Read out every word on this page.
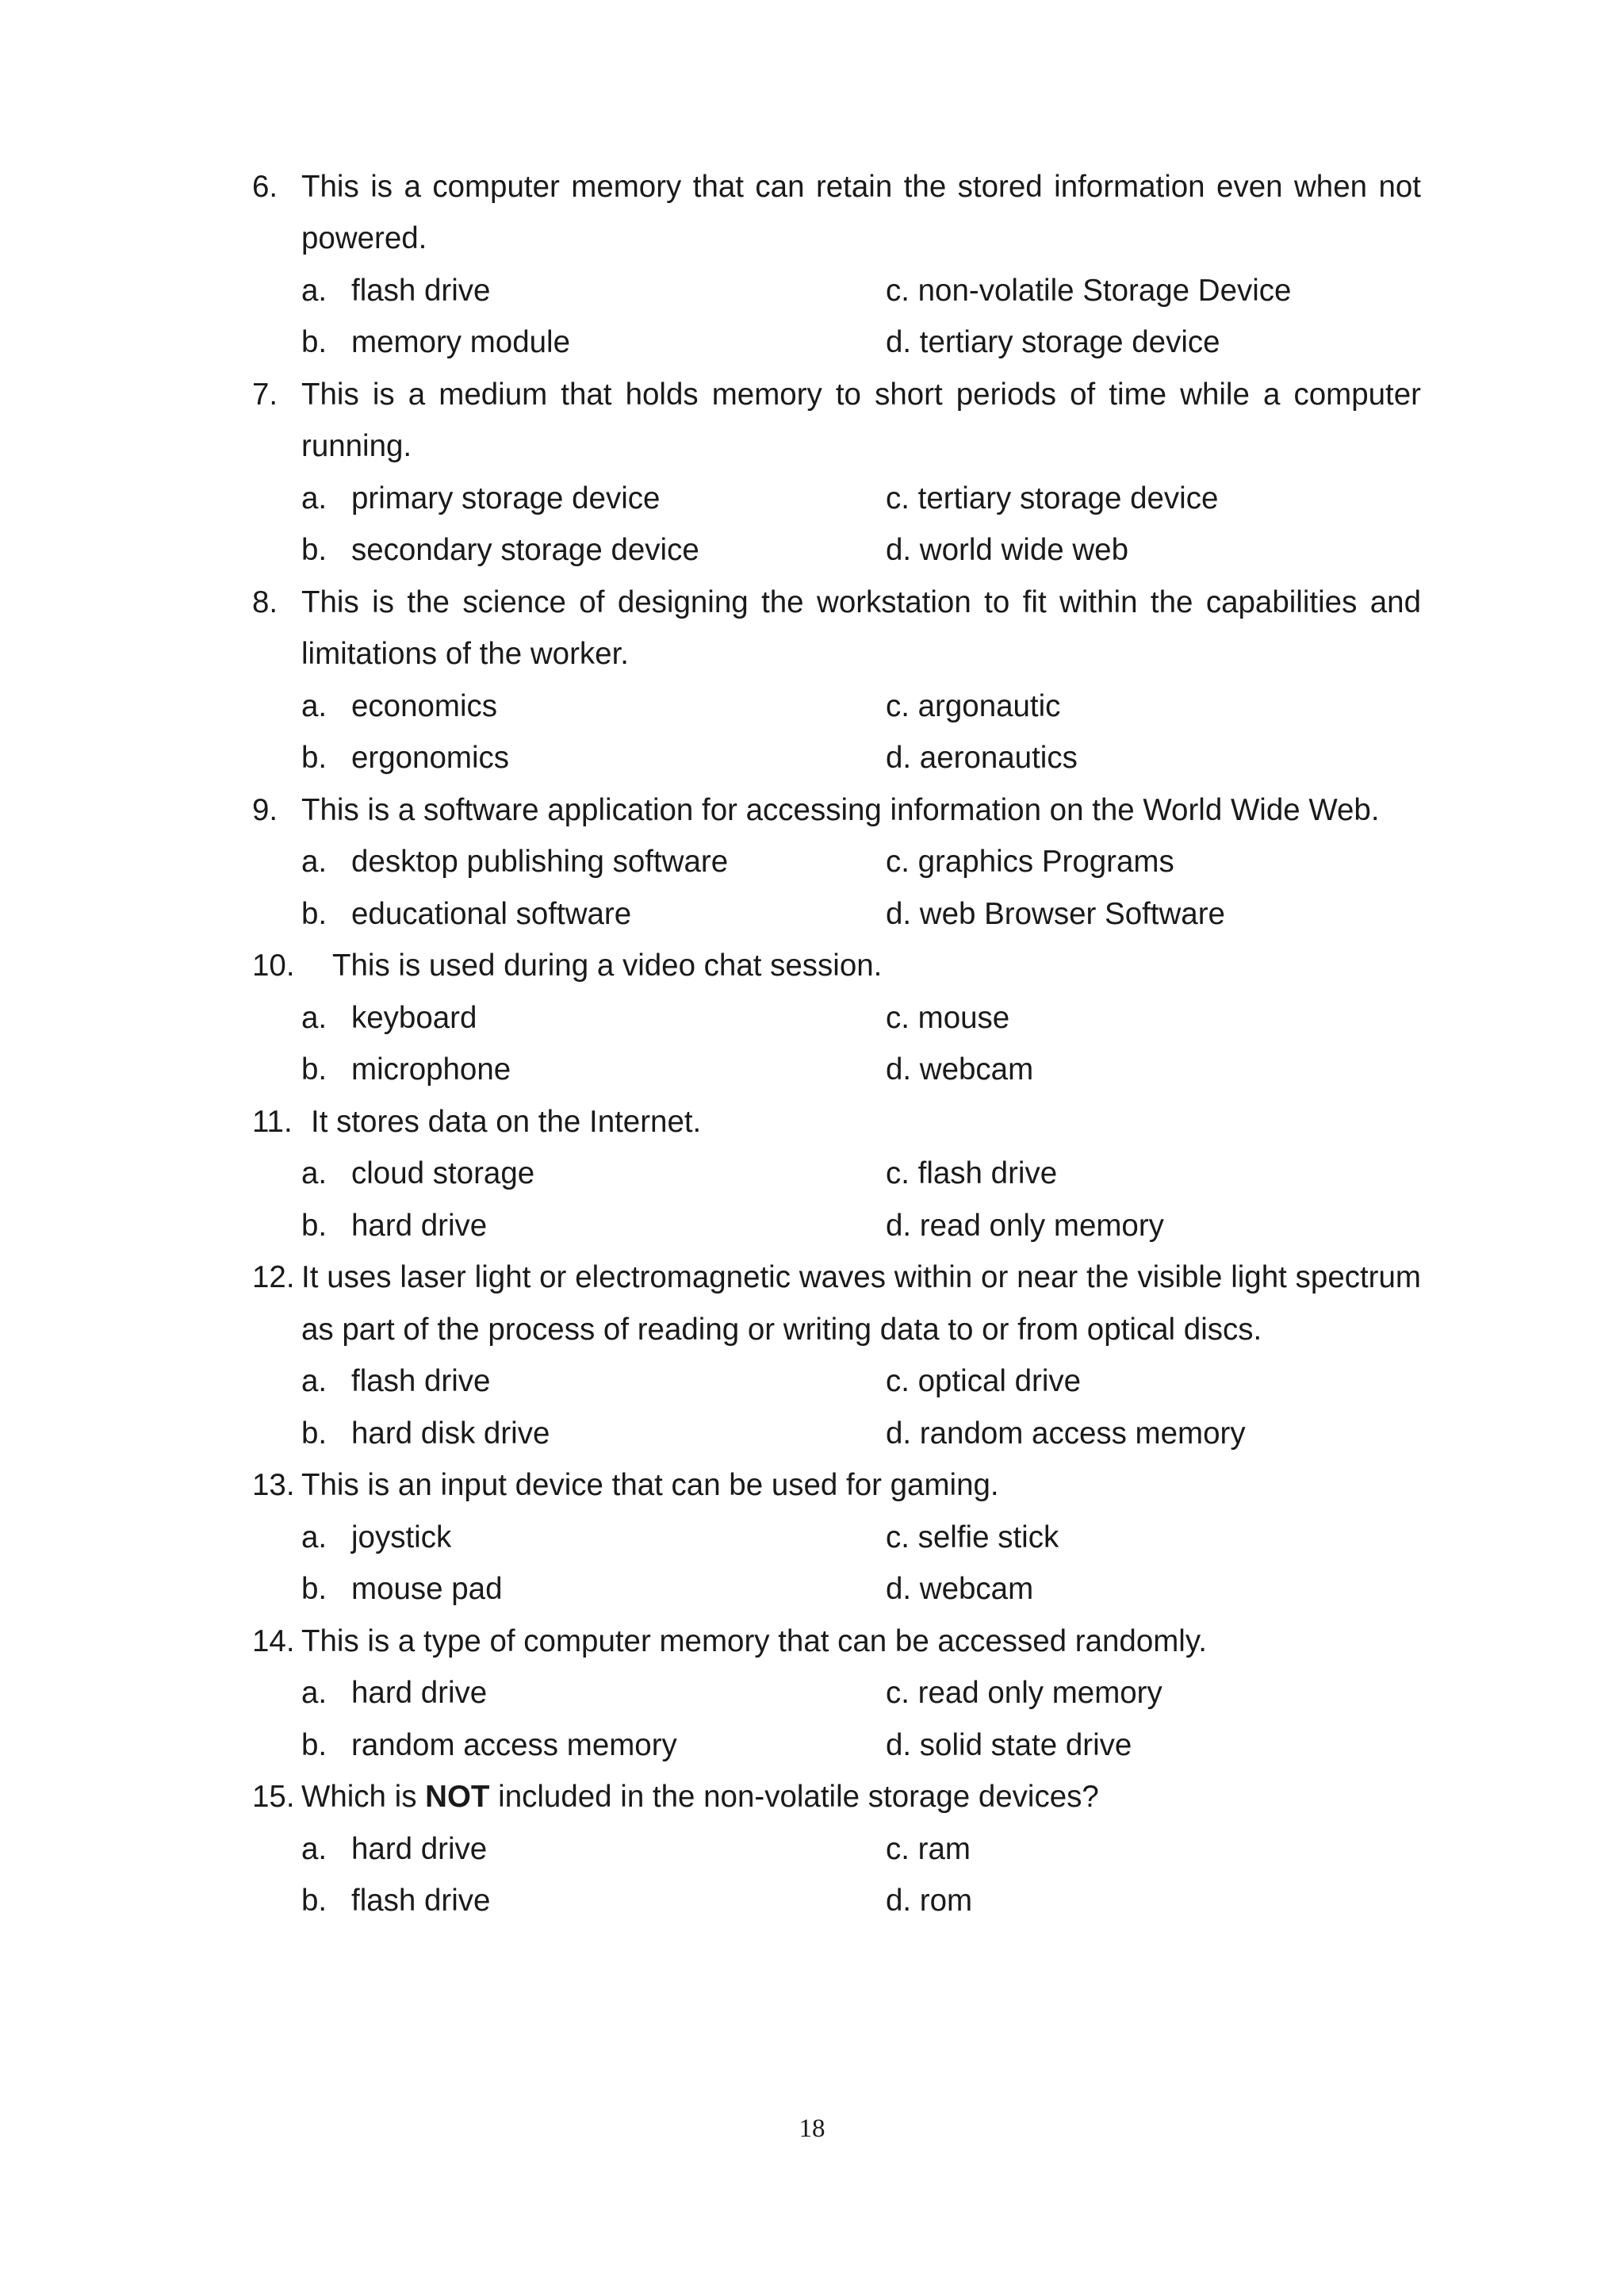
6. This is a computer memory that can retain the stored information even when not
powered.
a. flash drive	c. non-volatile Storage Device
b. memory module	d. tertiary storage device
7. This is a medium that holds memory to short periods of time while a computer
running.
a. primary storage device	c. tertiary storage device
b. secondary storage device	d. world wide web
8. This is the science of designing the workstation to fit within the capabilities and
limitations of the worker.
a. economics	c. argonautic
b. ergonomics	d. aeronautics
9. This is a software application for accessing information on the World Wide Web.
a. desktop publishing software	c. graphics Programs
b. educational software	d. web Browser Software
10. This is used during a video chat session.
a. keyboard	c. mouse
b. microphone	d. webcam
11. It stores data on the Internet.
a. cloud storage	c. flash drive
b. hard drive	d. read only memory
12. It uses laser light or electromagnetic waves within or near the visible light spectrum
as part of the process of reading or writing data to or from optical discs.
a. flash drive	c. optical drive
b. hard disk drive	d. random access memory
13. This is an input device that can be used for gaming.
a. joystick	c. selfie stick
b. mouse pad	d. webcam
14. This is a type of computer memory that can be accessed randomly.
a. hard drive	c. read only memory
b. random access memory	d. solid state drive
15. Which is NOT included in the non-volatile storage devices?
a. hard drive	c. ram
b. flash drive	d. rom
18
